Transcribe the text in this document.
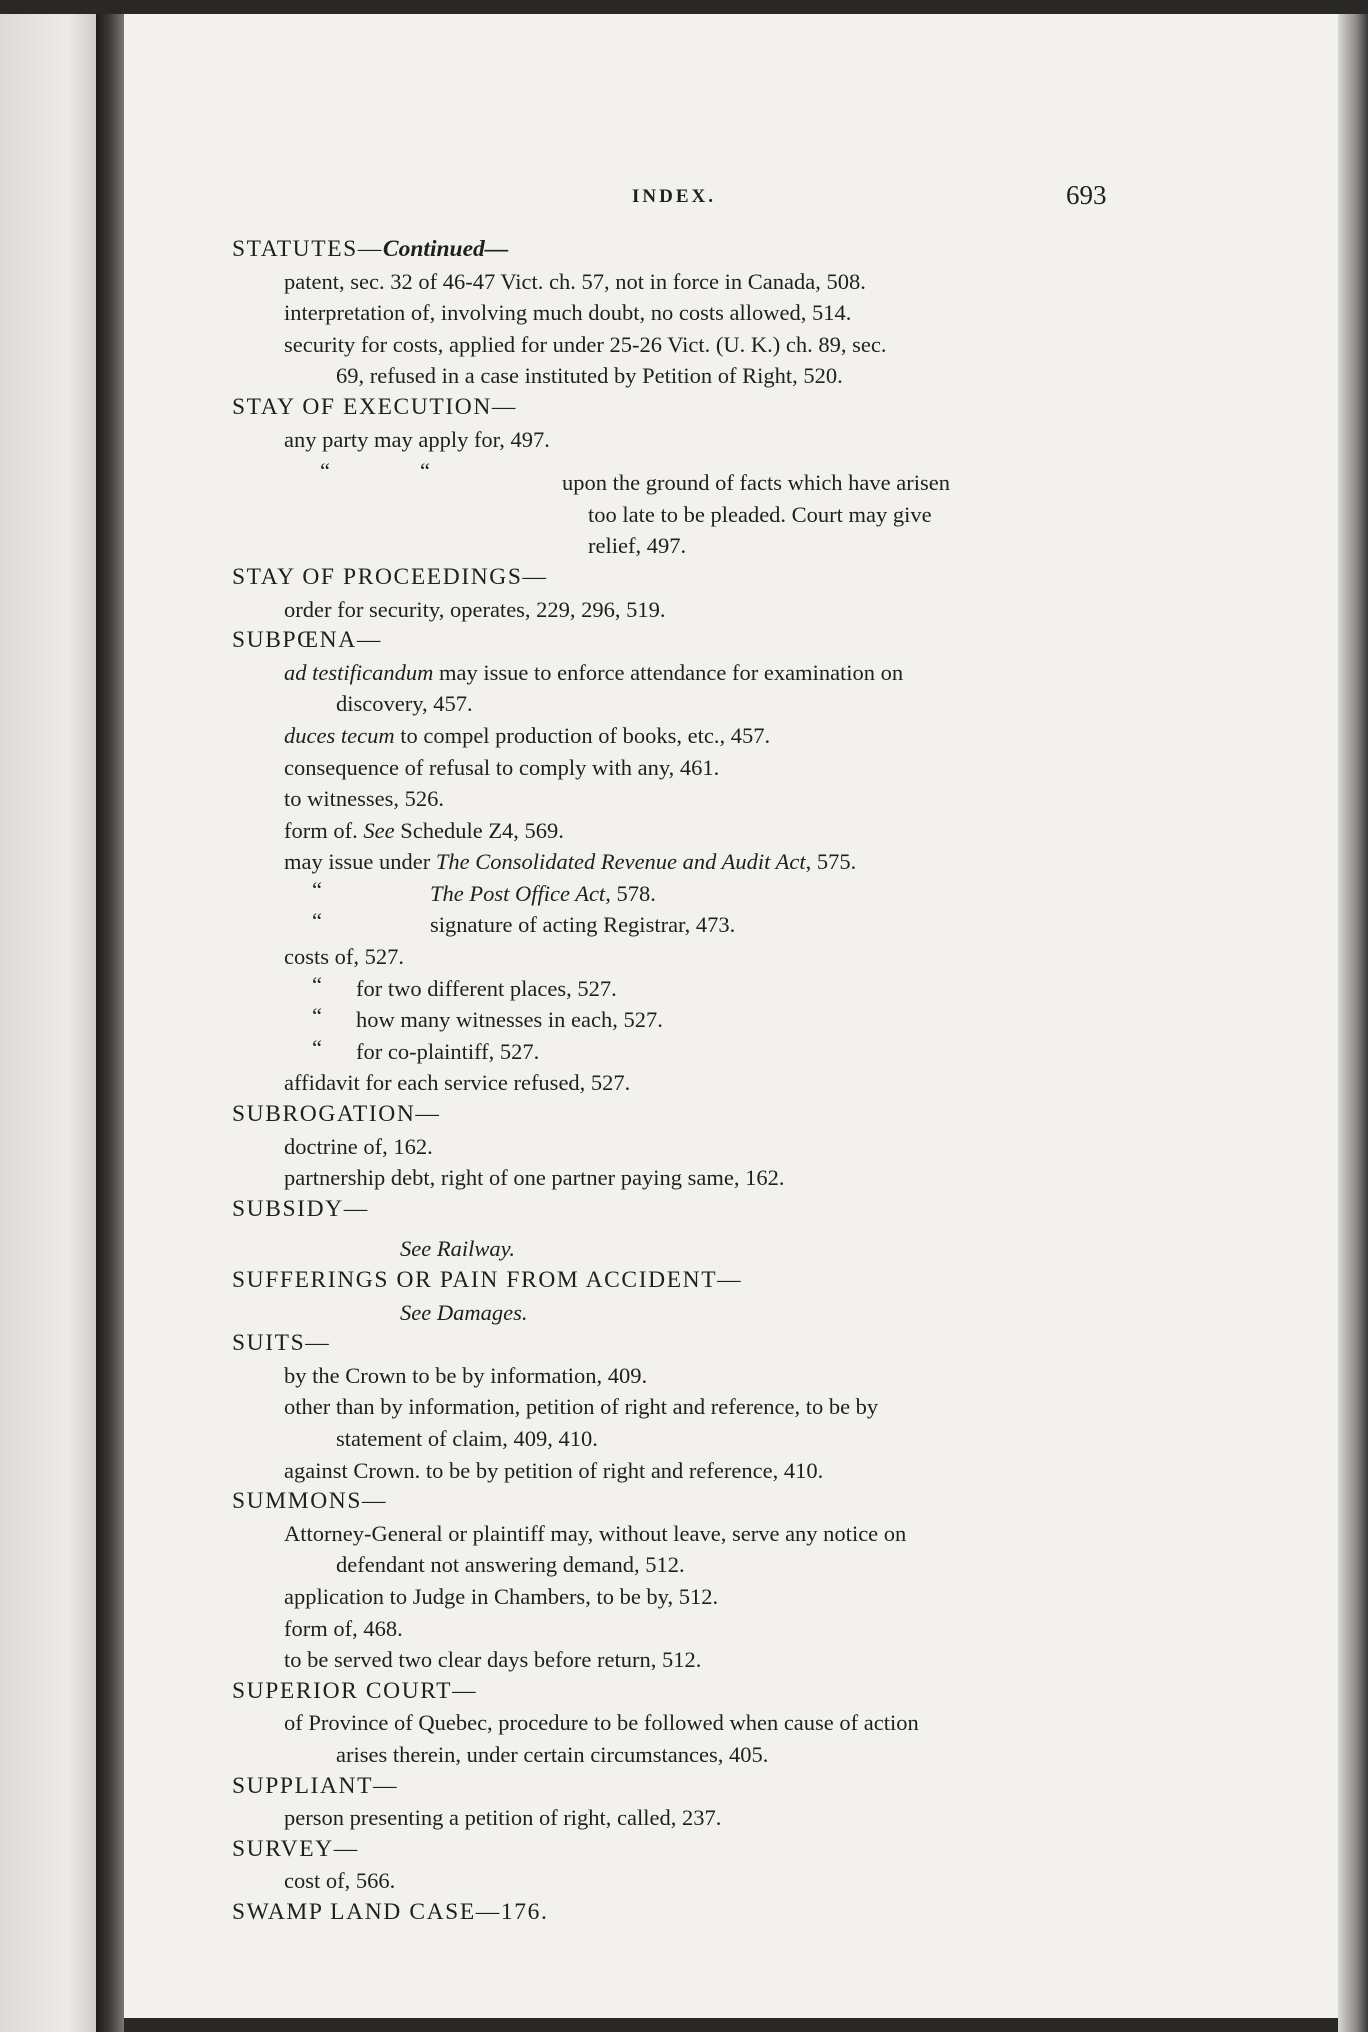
INDEX.	693

STATUTES—Continued—

patent, sec. 32 of 46-47 Vict. ch. 57, not in force in Canada, 508.

interpretation of, involving much doubt, no costs allowed, 514.

security for costs, applied for under 25-26 Vict. (U. K.) ch. 89, sec.
69, refused in a case instituted by Petition of Right, 520.

STAY OF EXECUTION—

any party may apply for, 497.

“	“	upon the ground of facts which have arisen
too late to be pleaded. Court may give
relief, 497.

STAY OF PROCEEDINGS—

order for security, operates, 229, 296, 519.

SUBPŒNA—

ad testificandum may issue to enforce attendance for examination on
discovery, 457.

duces tecum to compel production of books, etc., 457.

consequence of refusal to comply with any, 461.

to witnesses, 526.

form of. See Schedule Z4, 569.

may issue under The Consolidated Revenue and Audit Act, 575.

“	The Post Office Act, 578.
“	signature of acting Registrar, 473.

costs of, 527.

“ for two different places, 527.
“ how many witnesses in each, 527.
“ for co-plaintiff, 527.

affidavit for each service refused, 527.

SUBROGATION—

doctrine of, 162.

partnership debt, right of one partner paying same, 162.

SUBSIDY—

See Railway.

SUFFERINGS OR PAIN FROM ACCIDENT—

See Damages.

SUITS—

by the Crown to be by information, 409.

other than by information, petition of right and reference, to be by
statement of claim, 409, 410.

against Crown. to be by petition of right and reference, 410.

SUMMONS—

Attorney-General or plaintiff may, without leave, serve any notice on
defendant not answering demand, 512.

application to Judge in Chambers, to be by, 512.

form of, 468.

to be served two clear days before return, 512.

SUPERIOR COURT—

of Province of Quebec, procedure to be followed when cause of action
arises therein, under certain circumstances, 405.

SUPPLIANT—

person presenting a petition of right, called, 237.

SURVEY—

cost of, 566.

SWAMP LAND CASE—176.
